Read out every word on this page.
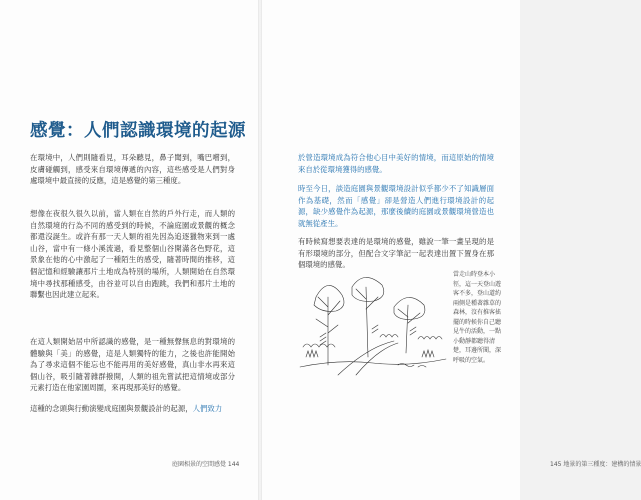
感覺：人們認識環境的起源

在環境中，人們則隨看見，耳朵聽見，鼻子聞到，嘴巴嚐到，皮膚碰觸到，感受來自環境傳遞的內容，這些感受是人們對身處環境中最直接的反應，這是感覺的第三種度。

想像在夜很久很久以前，當人類在自然的戶外行走，而人類的自然環境的行為不同的感受到的時候，不論庭園或景觀的概念都還沒誕生。或許有那一天人類的祖先因為追逐獵物來到一處山谷，當中有一條小溪流過，看見整個山谷開滿各色野花，這景象在他的心中激起了一種陌生的感受，隨著時間的推移，這個記憶和經驗讓那片土地成為特別的場所，人類開始在自然環境中尋找那種感受，由谷並可以自由跑跳，我們和那片土地的聯繫也因此建立起來。

在這人類開始居中所認識的感覺，是一種無聲無息的對環境的體驗與「美」的感覺，這是人類獨特的能力，之後也許能開始為了尋求這個不能忘也不能再用的美好感覺，真山非水再來這個山谷，吸引隨著雜群撥開，人類的祖先嘗試把這情境或部分元素打造在他家園周圍，來再現那美好的感覺。

這種的念頭與行動演變成庭園與景觀設計的起源，人們致力

庭園相景的空間感覺 144

於營造環境成為符合他心目中美好的情境，而這原始的情境來自於從環境獲得的感覺。

時至今日，談造庭園與景觀環境設計似乎都少不了知識層面作為基礎，然而「感覺」卻是營造人們進行環境設計的起源，缺少感覺作為起源，那麼後續的庭園或景觀環境營造也就無從產生。

有時候寫想要表達的是環境的感覺，雖說一筆一畫呈現的是有形環境的部分，但配合文字筆記一起表達出置下置身在那個環境的感覺。

當走山時登本小徑，這一天登山遊客不多，登山道約兩側是種著雜草的森林，沒有推客搖擺的時候你自己聽見牛的活動，一點小動靜都聽得清楚，耳邊所聞，深呼吸的空氣。

145 地景的第三種度：建構的情景
